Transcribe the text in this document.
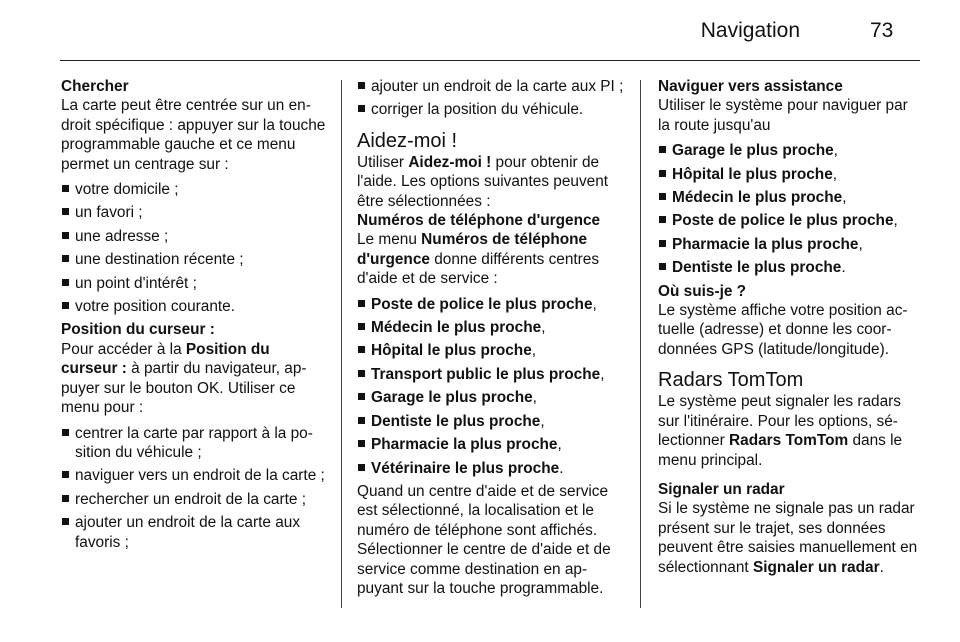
Navigation	73

Chercher

La carte peut être centrée sur un endroit spécifique : appuyer sur la touche programmable gauche et ce menu permet un centrage sur :

votre domicile ;
un favori ;
une adresse ;
une destination récente ;
un point d'intérêt ;
votre position courante.

Position du curseur :

Pour accéder à la Position du curseur : à partir du navigateur, appuyer sur le bouton OK. Utiliser ce menu pour :

centrer la carte par rapport à la position du véhicule ;
naviguer vers un endroit de la carte ;
rechercher un endroit de la carte ;
ajouter un endroit de la carte aux favoris ;
ajouter un endroit de la carte aux PI ;
corriger la position du véhicule.

Aidez-moi !

Utiliser Aidez-moi ! pour obtenir de l'aide. Les options suivantes peuvent être sélectionnées :

Numéros de téléphone d'urgence

Le menu Numéros de téléphone d'urgence donne différents centres d'aide et de service :

Poste de police le plus proche,
Médecin le plus proche,
Hôpital le plus proche,
Transport public le plus proche,
Garage le plus proche,
Dentiste le plus proche,
Pharmacie la plus proche,
Vétérinaire le plus proche.

Quand un centre d'aide et de service est sélectionné, la localisation et le numéro de téléphone sont affichés. Sélectionner le centre de d'aide et de service comme destination en appuyant sur la touche programmable.

Naviguer vers assistance

Utiliser le système pour naviguer par la route jusqu'au

Garage le plus proche,
Hôpital le plus proche,
Médecin le plus proche,
Poste de police le plus proche,
Pharmacie la plus proche,
Dentiste le plus proche.

Où suis-je ?

Le système affiche votre position actuelle (adresse) et donne les coordonnées GPS (latitude/longitude).

Radars TomTom

Le système peut signaler les radars sur l'itinéraire. Pour les options, sélectionner Radars TomTom dans le menu principal.

Signaler un radar

Si le système ne signale pas un radar présent sur le trajet, ses données peuvent être saisies manuellement en sélectionnant Signaler un radar.
